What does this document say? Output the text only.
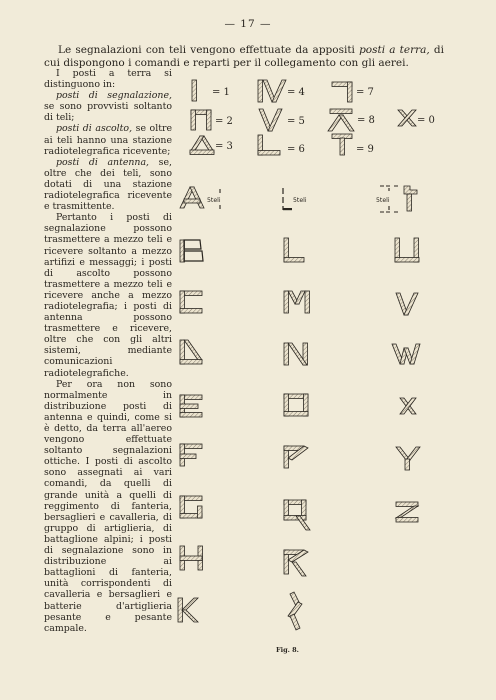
— 17 —
Le segnalazioni con teli vengono effettuate da appositi posti a terra, di cui dispongono i comandi e reparti per il collegamento con gli aerei.

I posti a terra si distinguono in:

posti di segnalazione, se sono provvisti soltanto di teli;

posti di ascolto, se oltre ai teli hanno una stazione radiotelegrafica ricevente;

posti di antenna, se, oltre che dei teli, sono dotati di una stazione radiotelegrafica ricevente e trasmittente.

Pertanto i posti di segnalazione possono trasmettere a mezzo teli e ricevere soltanto a mezzo artifizi e messaggi; i posti di ascolto possono trasmettere a mezzo teli e ricevere anche a mezzo radiotelegrafia; i posti di antenna possono trasmettere e ricevere, oltre che con gli altri sistemi, mediante comunicazioni radiotelegrafiche.

Per ora non sono normalmente in distribuzione posti di antenna e quindi, come si è detto, da terra all'aereo vengono effettuate soltanto segnalazioni ottiche. I posti di ascolto sono assegnati ai vari comandi, da quelli di grande unità a quelli di reggimento di fanteria, bersaglieri e cavalleria, di gruppo di artiglieria, di battaglione alpini; i posti di segnalazione sono in distribuzione ai battaglioni di fanteria, unità corrispondenti di cavalleria e bersaglieri e batterie d'artiglieria pesante e pesante campale.

= 1
= 2
= 3
= 4
= 5
= 6
= 7
= 8
= 9
= 0
5teli	5teli	5teli
Fig. 8.
